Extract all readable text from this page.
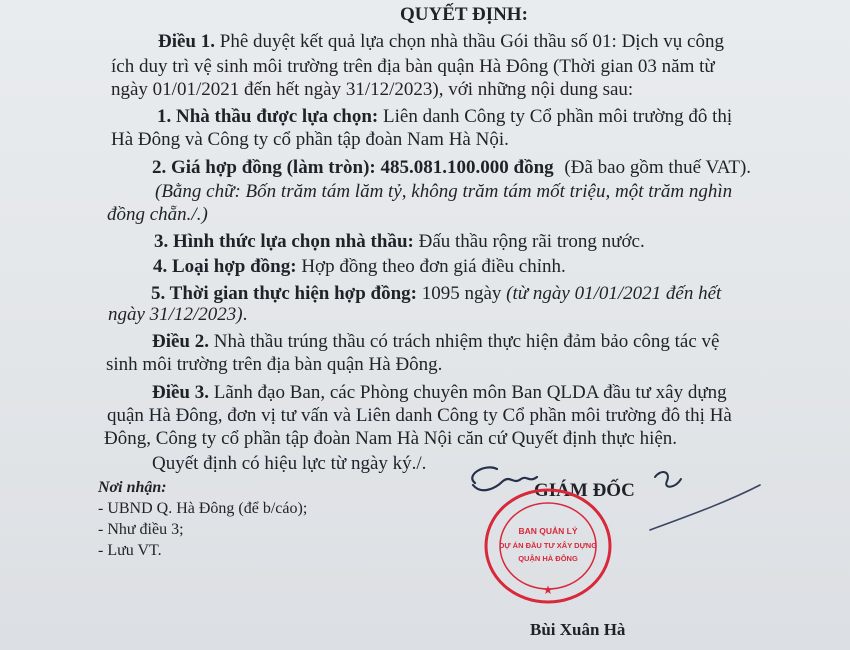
QUYẾT ĐỊNH:
Điều 1. Phê duyệt kết quả lựa chọn nhà thầu Gói thầu số 01: Dịch vụ công
ích duy trì vệ sinh môi trường trên địa bàn quận Hà Đông (Thời gian 03 năm từ
ngày 01/01/2021 đến hết ngày 31/12/2023), với những nội dung sau:
1. Nhà thầu được lựa chọn: Liên danh Công ty Cổ phần môi trường đô thị
Hà Đông và Công ty cổ phần tập đoàn Nam Hà Nội.
2. Giá hợp đồng (làm tròn): 485.081.100.000 đồng (Đã bao gồm thuế VAT).
(Bằng chữ: Bốn trăm tám lăm tỷ, không trăm tám mốt triệu, một trăm nghìn
đồng chẵn./.)
3. Hình thức lựa chọn nhà thầu: Đấu thầu rộng rãi trong nước.
4. Loại hợp đồng: Hợp đồng theo đơn giá điều chỉnh.
5. Thời gian thực hiện hợp đồng: 1095 ngày (từ ngày 01/01/2021 đến hết
ngày 31/12/2023).
Điều 2. Nhà thầu trúng thầu có trách nhiệm thực hiện đảm bảo công tác vệ
sinh môi trường trên địa bàn quận Hà Đông.
Điều 3. Lãnh đạo Ban, các Phòng chuyên môn Ban QLDA đầu tư xây dựng
quận Hà Đông, đơn vị tư vấn và Liên danh Công ty Cổ phần môi trường đô thị Hà
Đông, Công ty cổ phần tập đoàn Nam Hà Nội căn cứ Quyết định thực hiện.
Quyết định có hiệu lực từ ngày ký./.
Nơi nhận:
- UBND Q. Hà Đông (để b/cáo);
- Như điều 3;
- Lưu VT.
GIÁM ĐỐC
BAN QUẢN LÝ
DỰ ÁN ĐẦU TƯ XÂY DỰNG
QUẬN HÀ ĐÔNG
★
Bùi Xuân Hà
